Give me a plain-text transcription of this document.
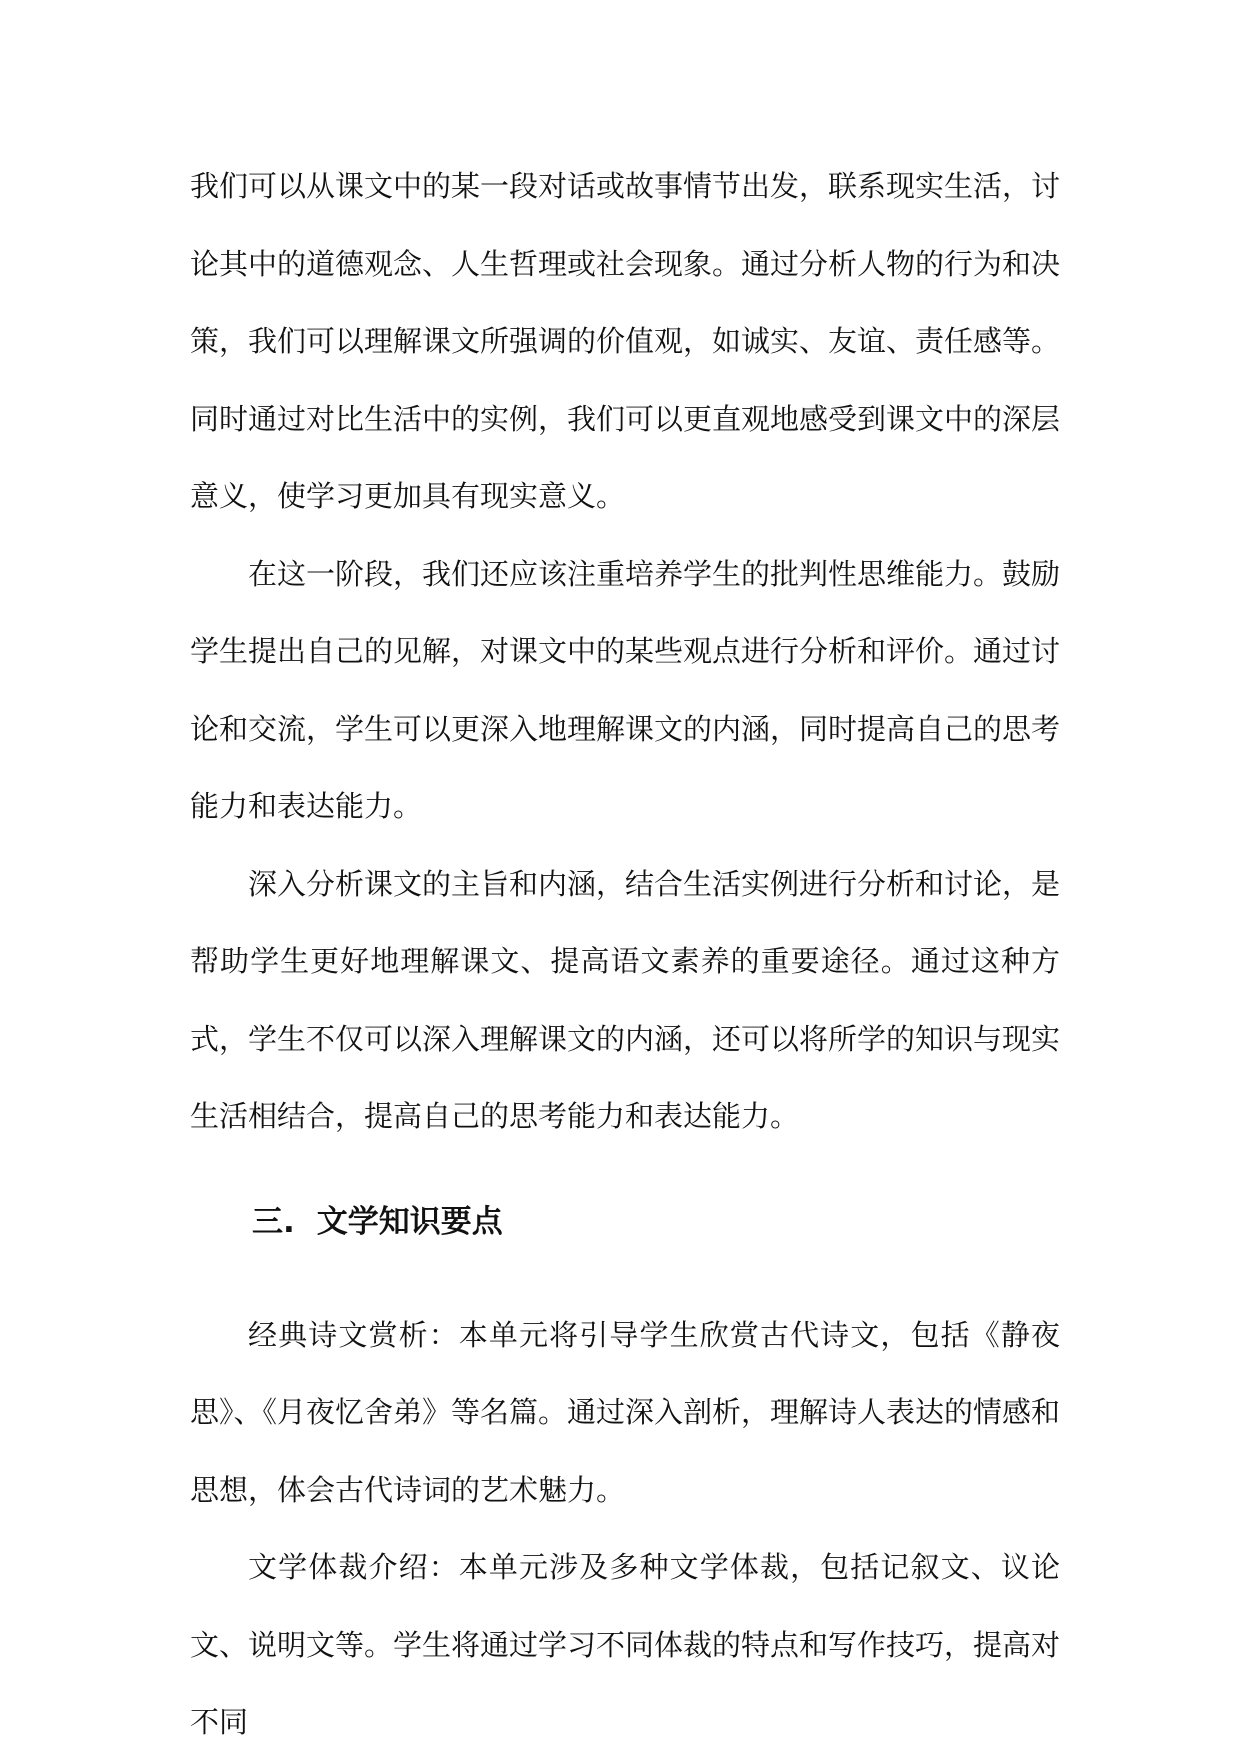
我们可以从课文中的某一段对话或故事情节出发，联系现实生活，讨论其中的道德观念、人生哲理或社会现象。通过分析人物的行为和决策，我们可以理解课文所强调的价值观，如诚实、友谊、责任感等。同时通过对比生活中的实例，我们可以更直观地感受到课文中的深层意义，使学习更加具有现实意义。

在这一阶段，我们还应该注重培养学生的批判性思维能力。鼓励学生提出自己的见解，对课文中的某些观点进行分析和评价。通过讨论和交流，学生可以更深入地理解课文的内涵，同时提高自己的思考能力和表达能力。

深入分析课文的主旨和内涵，结合生活实例进行分析和讨论，是帮助学生更好地理解课文、提高语文素养的重要途径。通过这种方式，学生不仅可以深入理解课文的内涵，还可以将所学的知识与现实生活相结合，提高自己的思考能力和表达能力。

三. 文学知识要点

经典诗文赏析：本单元将引导学生欣赏古代诗文，包括《静夜思》、《月夜忆舍弟》等名篇。通过深入剖析，理解诗人表达的情感和思想，体会古代诗词的艺术魅力。

文学体裁介绍：本单元涉及多种文学体裁，包括记叙文、议论文、说明文等。学生将通过学习不同体裁的特点和写作技巧，提高对不同
